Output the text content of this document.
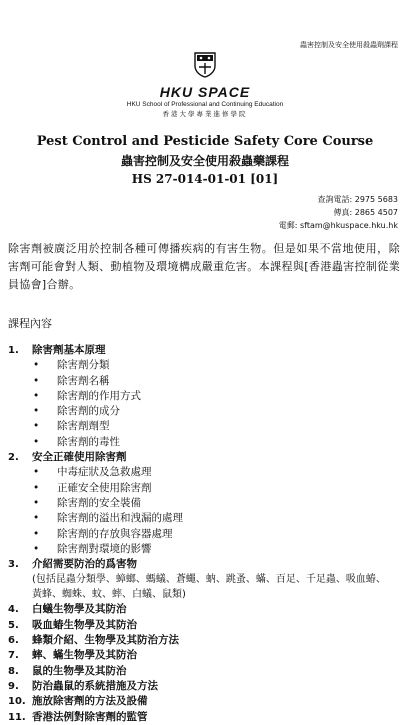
蟲害控制及安全使用殺蟲劑課程
HKU SPACE
HKU School of Professional and Continuing Education
香港大學專業進修學院
Pest Control and Pesticide Safety Core Course
蟲害控制及安全使用殺蟲藥課程
HS 27-014-01-01 [01]
查詢電話: 2975 5683
傳真: 2865 4507
電郵: sftam@hkuspace.hku.hk
除害劑被廣泛用於控制各種可傳播疾病的有害生物。但是如果不當地使用，除害劑可能會對人類、動植物及環境構成嚴重危害。本課程與[香港蟲害控制從業員協會]合辦。
課程內容
1.	除害劑基本原理
•	除害劑分類
•	除害劑名稱
•	除害劑的作用方式
•	除害劑的成分
•	除害劑劑型
•	除害劑的毒性
2.	安全正確使用除害劑
•	中毒症狀及急救處理
•	正確安全使用除害劑
•	除害劑的安全裝備
•	除害劑的溢出和洩漏的處理
•	除害劑的存放與容器處理
•	除害劑對環境的影響
3.	介紹需要防治的爲害物
(包括昆蟲分類學、蟑螂、螞蟻、蒼蠅、蚋、跳蚤、蟎、百足、千足蟲、吸血蝽、
黃蜂、蜘蛛、蚊、蟀、白蟻、鼠類)
4.	白蟻生物學及其防治
5.	吸血蝽生物學及其防治
6.	蜂類介紹、生物學及其防治方法
7.	蟀、蟎生物學及其防治
8.	鼠的生物學及其防治
9.	防治蟲鼠的系統措施及方法
10. 施放除害劑的方法及設備
11. 香港法例對除害劑的監管
